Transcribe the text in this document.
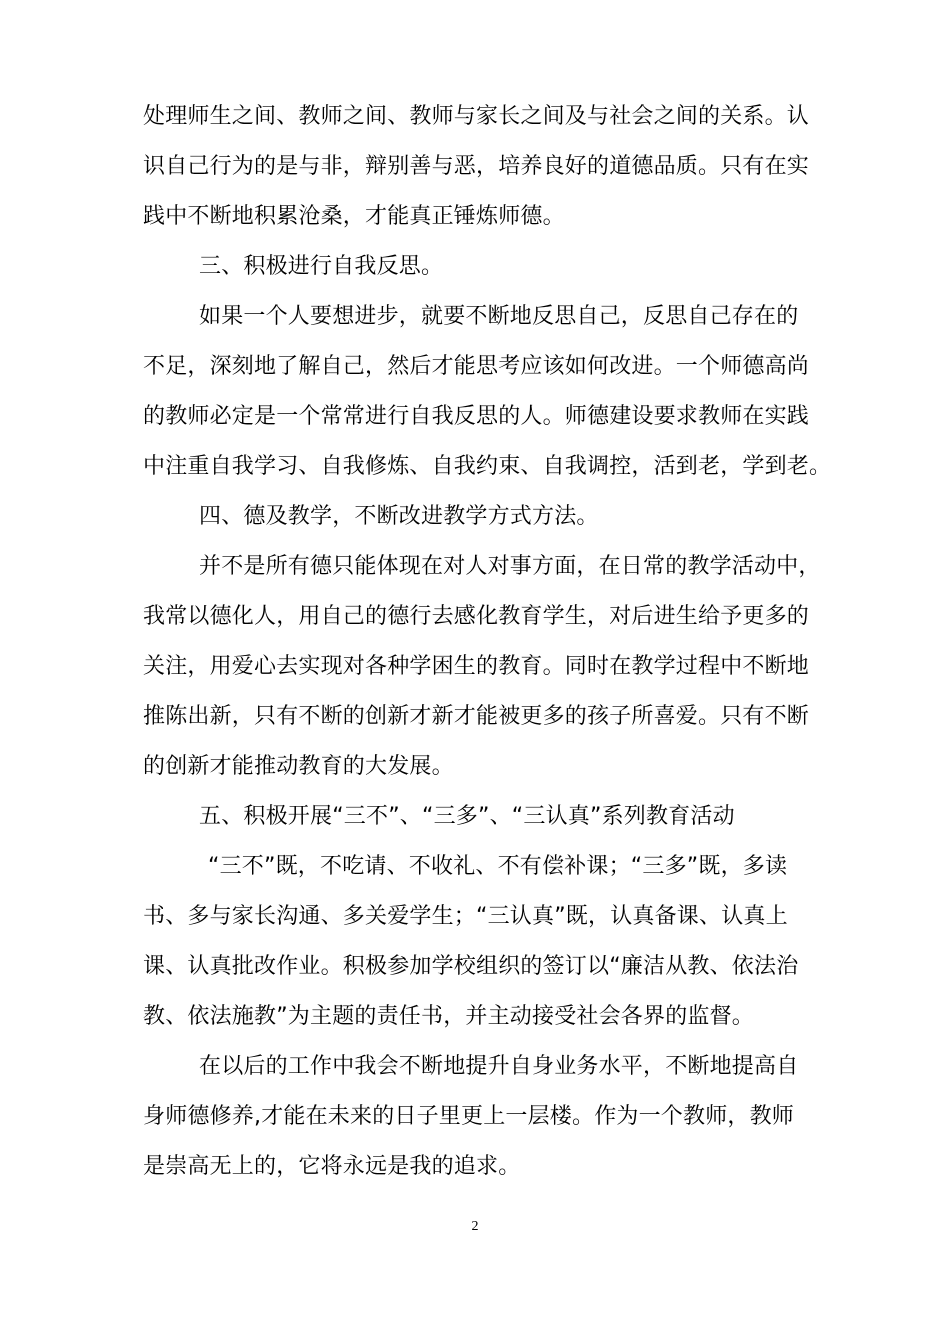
处理师生之间、教师之间、教师与家长之间及与社会之间的关系。认
识自己行为的是与非，辩别善与恶，培养良好的道德品质。只有在实
践中不断地积累沧桑，才能真正锤炼师德。
三、积极进行自我反思。
如果一个人要想进步，就要不断地反思自己，反思自己存在的
不足，深刻地了解自己，然后才能思考应该如何改进。一个师德高尚
的教师必定是一个常常进行自我反思的人。师德建设要求教师在实践
中注重自我学习、自我修炼、自我约束、自我调控，活到老，学到老。
四、德及教学，不断改进教学方式方法。
并不是所有德只能体现在对人对事方面，在日常的教学活动中，
我常以德化人，用自己的德行去感化教育学生，对后进生给予更多的
关注，用爱心去实现对各种学困生的教育。同时在教学过程中不断地
推陈出新，只有不断的创新才新才能被更多的孩子所喜爱。只有不断
的创新才能推动教育的大发展。
五、积极开展“三不”、“三多”、“三认真”系列教育活动
“三不”既，不吃请、不收礼、不有偿补课；“三多”既，多读
书、多与家长沟通、多关爱学生；“三认真”既，认真备课、认真上
课、认真批改作业。积极参加学校组织的签订以“廉洁从教、依法治
教、依法施教”为主题的责任书，并主动接受社会各界的监督。
在以后的工作中我会不断地提升自身业务水平，不断地提高自
身师德修养,才能在未来的日子里更上一层楼。作为一个教师，教师
是崇高无上的，它将永远是我的追求。
2
